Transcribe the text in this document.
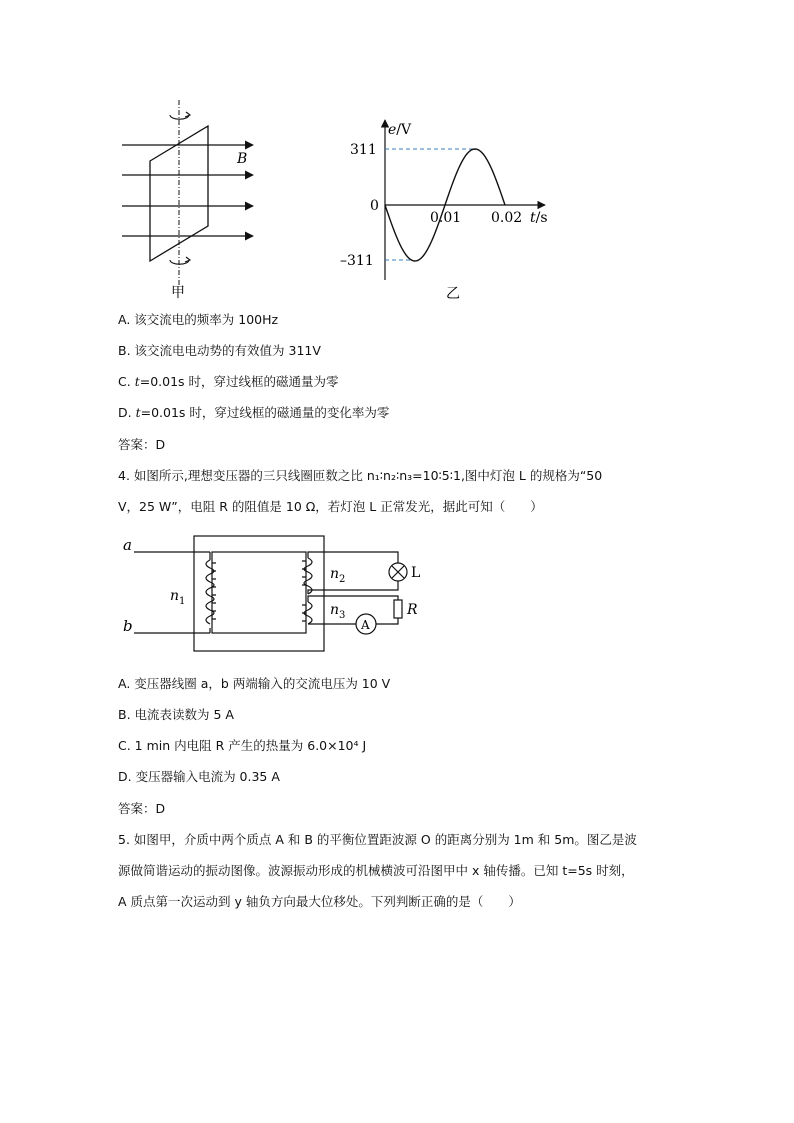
B
甲
e/V
311
0
–311
0.01 0.02 t/s
乙
A. 该交流电的频率为 100Hz
B. 该交流电电动势的有效值为 311V
C. t=0.01s 时，穿过线框的磁通量为零
D. t=0.01s 时，穿过线框的磁通量的变化率为零
答案：D
4. 如图所示,理想变压器的三只线圈匝数之比 n₁∶n₂∶n₃=10∶5∶1,图中灯泡 L 的规格为“50
V，25 W”，电阻 R 的阻值是 10 Ω，若灯泡 L 正常发光，据此可知（　　）
a
b
$n_1$
$n_2$
$n_3$
L
R
A
A. 变压器线圈 a，b 两端输入的交流电压为 10 V
B. 电流表读数为 5 A
C. 1 min 内电阻 R 产生的热量为 6.0×10⁴ J
D. 变压器输入电流为 0.35 A
答案：D
5. 如图甲，介质中两个质点 A 和 B 的平衡位置距波源 O 的距离分别为 1m 和 5m。图乙是波
源做简谐运动的振动图像。波源振动形成的机械横波可沿图甲中 x 轴传播。已知 t=5s 时刻，
A 质点第一次运动到 y 轴负方向最大位移处。下列判断正确的是（　　）
